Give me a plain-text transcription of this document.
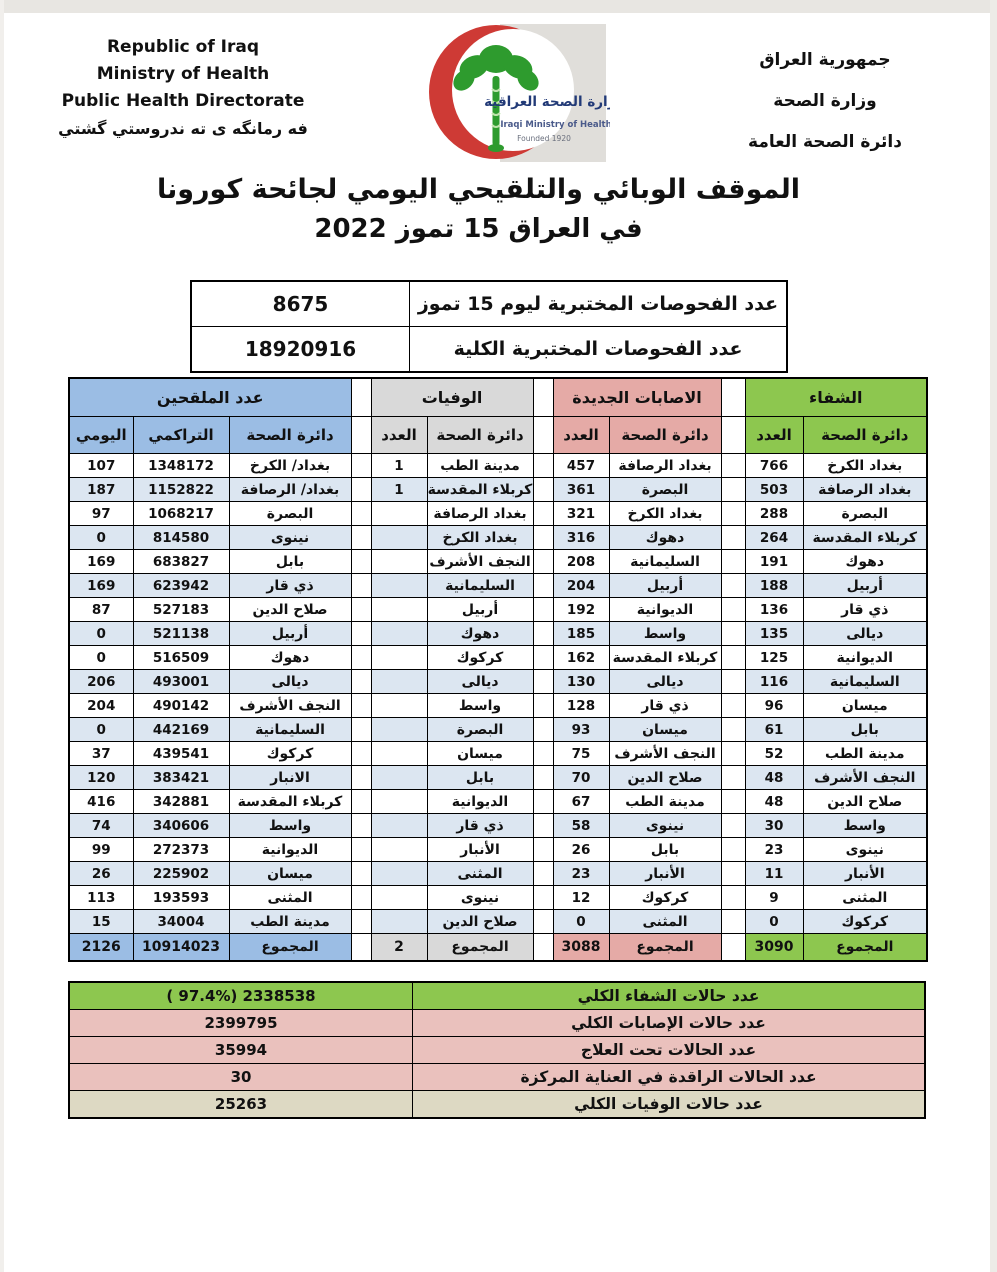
Republic of Iraq
Ministry of Health
Public Health Directorate
فه رمانگه ی ته ندروستي گشتي
وزارة الصحة العراقية
Iraqi Ministry of Health
Founded 1920
جمهورية العراق
وزارة الصحة
دائرة الصحة العامة
الموقف الوبائي والتلقيحي اليومي لجائحة كورونا
في العراق 15 تموز 2022
8675	عدد الفحوصات المختبرية ليوم 15 تموز
18920916	عدد الفحوصات المختبرية الكلية
عدد الملقحين				الوفيات			الاصابات الجديدة			الشفاء	
اليومي	التراكمي	دائرة الصحة		العدد	دائرة الصحة		العدد	دائرة الصحة		العدد	دائرة الصحة
107	1348172	بغداد/ الكرخ		1	مدينة الطب		457	بغداد الرصافة		766	بغداد الكرخ
187	1152822	بغداد/ الرصافة		1	كربلاء المقدسة		361	البصرة		503	بغداد الرصافة
97	1068217	البصرة			بغداد الرصافة		321	بغداد الكرخ		288	البصرة
0	814580	نينوى			بغداد الكرخ		316	دهوك		264	كربلاء المقدسة
169	683827	بابل			النجف الأشرف		208	السليمانية		191	دهوك
169	623942	ذي قار			السليمانية		204	أربيل		188	أربيل
87	527183	صلاح الدين			أربيل		192	الديوانية		136	ذي قار
0	521138	أربيل			دهوك		185	واسط		135	ديالى
0	516509	دهوك			كركوك		162	كربلاء المقدسة		125	الديوانية
206	493001	ديالى			ديالى		130	ديالى		116	السليمانية
204	490142	النجف الأشرف			واسط		128	ذي قار		96	ميسان
0	442169	السليمانية			البصرة		93	ميسان		61	بابل
37	439541	كركوك			ميسان		75	النجف الأشرف		52	مدينة الطب
120	383421	الانبار			بابل		70	صلاح الدين		48	النجف الأشرف
416	342881	كربلاء المقدسة			الديوانية		67	مدينة الطب		48	صلاح الدين
74	340606	واسط			ذي قار		58	نينوى		30	واسط
99	272373	الديوانية			الأنبار		26	بابل		23	نينوى
26	225902	ميسان			المثنى		23	الأنبار		11	الأنبار
113	193593	المثنى			نينوى		12	كركوك		9	المثنى
15	34004	مدينة الطب			صلاح الدين		0	المثنى		0	كركوك
2126	10914023	المجموع		2	المجموع		3088	المجموع		3090	المجموع
( 97.4%) 2338538	عدد حالات الشفاء الكلي
2399795	عدد حالات الإصابات الكلي
35994	عدد الحالات تحت العلاج
30	عدد الحالات الراقدة في العناية المركزة
25263	عدد حالات الوفيات الكلي
